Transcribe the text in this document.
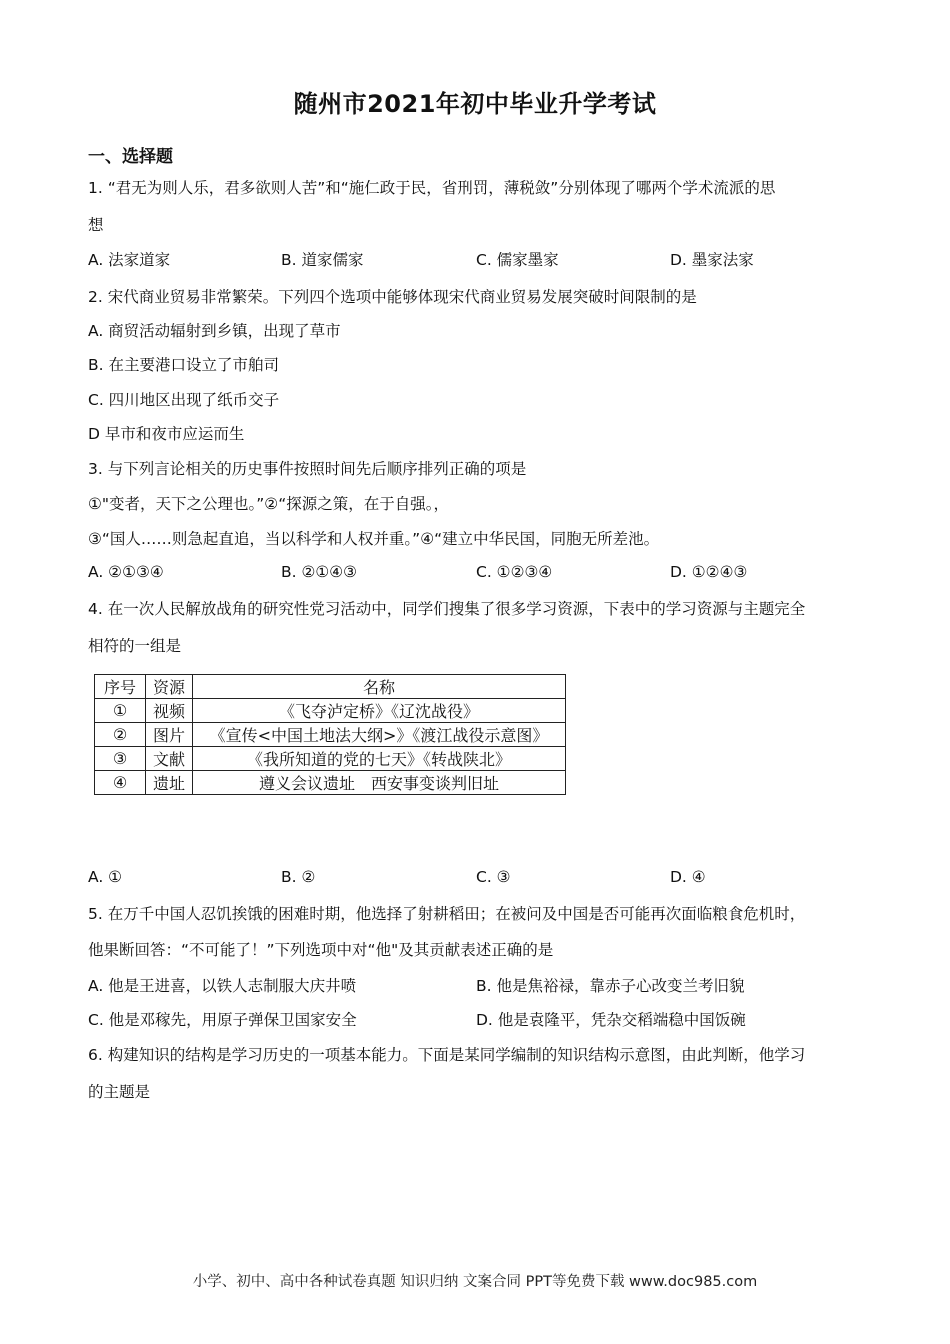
随州市2021年初中毕业升学考试
一、选择题
1. “君无为则人乐，君多欲则人苦”和“施仁政于民，省刑罚，薄税敛”分别体现了哪两个学术流派的思
想
A. 法家道家	B. 道家儒家	C. 儒家墨家	D. 墨家法家
2. 宋代商业贸易非常繁荣。下列四个选项中能够体现宋代商业贸易发展突破时间限制的是
A. 商贸活动辐射到乡镇，出现了草市
B. 在主要港口设立了市舶司
C. 四川地区出现了纸币交子
D 早市和夜市应运而生
3. 与下列言论相关的历史事件按照时间先后顺序排列正确的项是
①"变者，天下之公理也。”②“探源之策，在于自强。，
③“国人……则急起直追，当以科学和人权并重。”④“建立中华民国，同胞无所差池。
A. ②①③④	B. ②①④③	C. ①②③④	D. ①②④③
4. 在一次人民解放战角的研究性党习活动中，同学们搜集了很多学习资源，下表中的学习资源与主题完全
相符的一组是
序号	资源	名称
①	视频	《飞夺泸定桥》《辽沈战役》
②	图片	《宣传<中国土地法大纲>》《渡江战役示意图》
③	文献	《我所知道的党的七天》《转战陕北》
④	遗址	遵义会议遗址　西安事变谈判旧址
A. ①	B. ②	C. ③	D. ④
5. 在万千中国人忍饥挨饿的困难时期，他选择了射耕稻田；在被问及中国是否可能再次面临粮食危机时，
他果断回答：“不可能了！”下列选项中对“他"及其贡献表述正确的是
A. 他是王进喜，以铁人志制服大庆井喷	B. 他是焦裕禄，靠赤子心改变兰考旧貌
C. 他是邓稼先，用原子弹保卫国家安全	D. 他是袁隆平，凭杂交稻端稳中国饭碗
6. 构建知识的结构是学习历史的一项基本能力。下面是某同学编制的知识结构示意图，由此判断，他学习
的主题是
小学、初中、高中各种试卷真题 知识归纳 文案合同 PPT等免费下载 www.doc985.com
